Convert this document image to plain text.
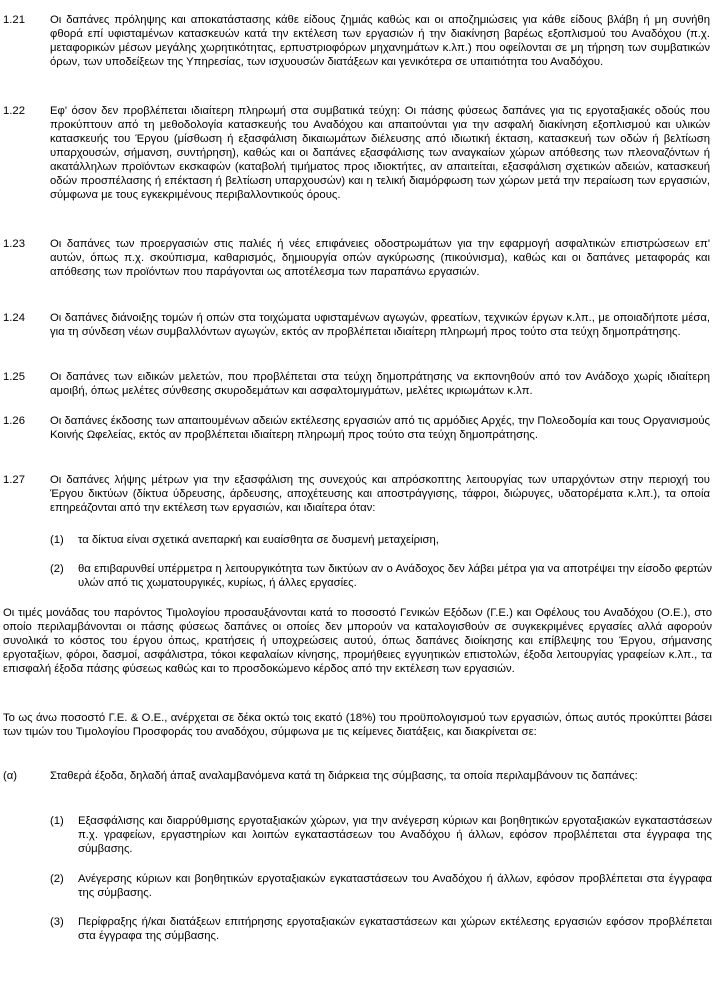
1.21	Οι δαπάνες πρόληψης και αποκατάστασης κάθε είδους ζημιάς καθώς και οι αποζημιώσεις για κάθε είδους βλάβη ή μη συνήθη φθορά επί υφισταμένων κατασκευών κατά την εκτέλεση των εργασιών ή την διακίνηση βαρέως εξοπλισμού του Αναδόχου (π.χ. μεταφορικών μέσων μεγάλης χωρητικότητας, ερπυστριοφόρων μηχανημάτων κ.λπ.) που οφείλονται σε μη τήρηση των συμβατικών όρων, των υποδείξεων της Υπηρεσίας, των ισχυουσών διατάξεων και γενικότερα σε υπαιτιότητα του Αναδόχου.
1.22	Εφ' όσον δεν προβλέπεται ιδιαίτερη πληρωμή στα συμβατικά τεύχη: Οι πάσης φύσεως δαπάνες για τις εργοταξιακές οδούς που προκύπτουν από τη μεθοδολογία κατασκευής του Αναδόχου και απαιτούνται για την ασφαλή διακίνηση εξοπλισμού και υλικών κατασκευής του Έργου (μίσθωση ή εξασφάλιση δικαιωμάτων διέλευσης από ιδιωτική έκταση, κατασκευή των οδών ή βελτίωση υπαρχουσών, σήμανση, συντήρηση), καθώς και οι δαπάνες εξασφάλισης των αναγκαίων χώρων απόθεσης των πλεοναζόντων ή ακατάλληλων προϊόντων εκσκαφών (καταβολή τιμήματος προς ιδιοκτήτες, αν απαιτείται, εξασφάλιση σχετικών αδειών, κατασκευή οδών προσπέλασης ή επέκταση ή βελτίωση υπαρχουσών) και η τελική διαμόρφωση των χώρων μετά την περαίωση των εργασιών, σύμφωνα με τους εγκεκριμένους περιβαλλοντικούς όρους.
1.23	Οι δαπάνες των προεργασιών στις παλιές ή νέες επιφάνειες οδοστρωμάτων για την εφαρμογή ασφαλτικών επιστρώσεων επ' αυτών, όπως π.χ. σκούπισμα, καθαρισμός, δημιουργία οπών αγκύρωσης (πικούνισμα), καθώς και οι δαπάνες μεταφοράς και απόθεσης των προϊόντων που παράγονται ως αποτέλεσμα των παραπάνω εργασιών.
1.24	Οι δαπάνες διάνοιξης τομών ή οπών στα τοιχώματα υφισταμένων αγωγών, φρεατίων, τεχνικών έργων κ.λπ., με οποιαδήποτε μέσα, για τη σύνδεση νέων συμβαλλόντων αγωγών, εκτός αν προβλέπεται ιδιαίτερη πληρωμή προς τούτο στα τεύχη δημοπράτησης.
1.25	Οι δαπάνες των ειδικών μελετών, που προβλέπεται στα τεύχη δημοπράτησης να εκπονηθούν από τον Ανάδοχο χωρίς ιδιαίτερη αμοιβή, όπως μελέτες σύνθεσης σκυροδεμάτων και ασφαλτομιγμάτων, μελέτες ικριωμάτων κ.λπ.
1.26	Οι δαπάνες έκδοσης των απαιτουμένων αδειών εκτέλεσης εργασιών από τις αρμόδιες Αρχές, την Πολεοδομία και τους Οργανισμούς Κοινής Ωφελείας, εκτός αν προβλέπεται ιδιαίτερη πληρωμή προς τούτο στα τεύχη δημοπράτησης.
1.27	Οι δαπάνες λήψης μέτρων για την εξασφάλιση της συνεχούς και απρόσκοπτης λειτουργίας των υπαρχόντων στην περιοχή του Έργου δικτύων (δίκτυα ύδρευσης, άρδευσης, αποχέτευσης και αποστράγγισης, τάφροι, διώρυγες, υδατορέματα κ.λπ.), τα οποία επηρεάζονται από την εκτέλεση των εργασιών, και ιδιαίτερα όταν:
(1)	τα δίκτυα είναι σχετικά ανεπαρκή και ευαίσθητα σε δυσμενή μεταχείριση,
(2)	θα επιβαρυνθεί υπέρμετρα η λειτουργικότητα των δικτύων αν ο Ανάδοχος δεν λάβει μέτρα για να αποτρέψει την είσοδο φερτών υλών από τις χωματουργικές, κυρίως, ή άλλες εργασίες.
Οι τιμές μονάδας του παρόντος Τιμολογίου προσαυξάνονται κατά το ποσοστό Γενικών Εξόδων (Γ.Ε.) και Οφέλους του Αναδόχου (Ο.Ε.), στο οποίο περιλαμβάνονται οι πάσης φύσεως δαπάνες οι οποίες δεν μπορούν να καταλογισθούν σε συγκεκριμένες εργασίες αλλά αφορούν συνολικά το κόστος του έργου όπως, κρατήσεις ή υποχρεώσεις αυτού, όπως δαπάνες διοίκησης και επίβλεψης του Έργου, σήμανσης εργοταξίων, φόροι, δασμοί, ασφάλιστρα, τόκοι κεφαλαίων κίνησης, προμήθειες εγγυητικών επιστολών, έξοδα λειτουργίας γραφείων κ.λπ., τα επισφαλή έξοδα πάσης φύσεως καθώς και το προσδοκώμενο κέρδος από την εκτέλεση των εργασιών.
Το ως άνω ποσοστό Γ.Ε. & Ο.Ε., ανέρχεται σε δέκα οκτώ τοις εκατό (18%) του προϋπολογισμού των εργασιών, όπως αυτός προκύπτει βάσει των τιμών του Τιμολογίου Προσφοράς του αναδόχου, σύμφωνα με τις κείμενες διατάξεις, και διακρίνεται σε:
(α)	Σταθερά έξοδα, δηλαδή άπαξ αναλαμβανόμενα κατά τη διάρκεια της σύμβασης, τα οποία περιλαμβάνουν τις δαπάνες:
(1)	Εξασφάλισης και διαρρύθμισης εργοταξιακών χώρων, για την ανέγερση κύριων και βοηθητικών εργοταξιακών εγκαταστάσεων π.χ. γραφείων, εργαστηρίων και λοιπών εγκαταστάσεων του Αναδόχου ή άλλων, εφόσον προβλέπεται στα έγγραφα της σύμβασης.
(2)	Ανέγερσης κύριων και βοηθητικών εργοταξιακών εγκαταστάσεων του Αναδόχου ή άλλων, εφόσον προβλέπεται στα έγγραφα της σύμβασης.
(3)	Περίφραξης ή/και διατάξεων επιτήρησης εργοταξιακών εγκαταστάσεων και χώρων εκτέλεσης εργασιών εφόσον προβλέπεται στα έγγραφα της σύμβασης.
